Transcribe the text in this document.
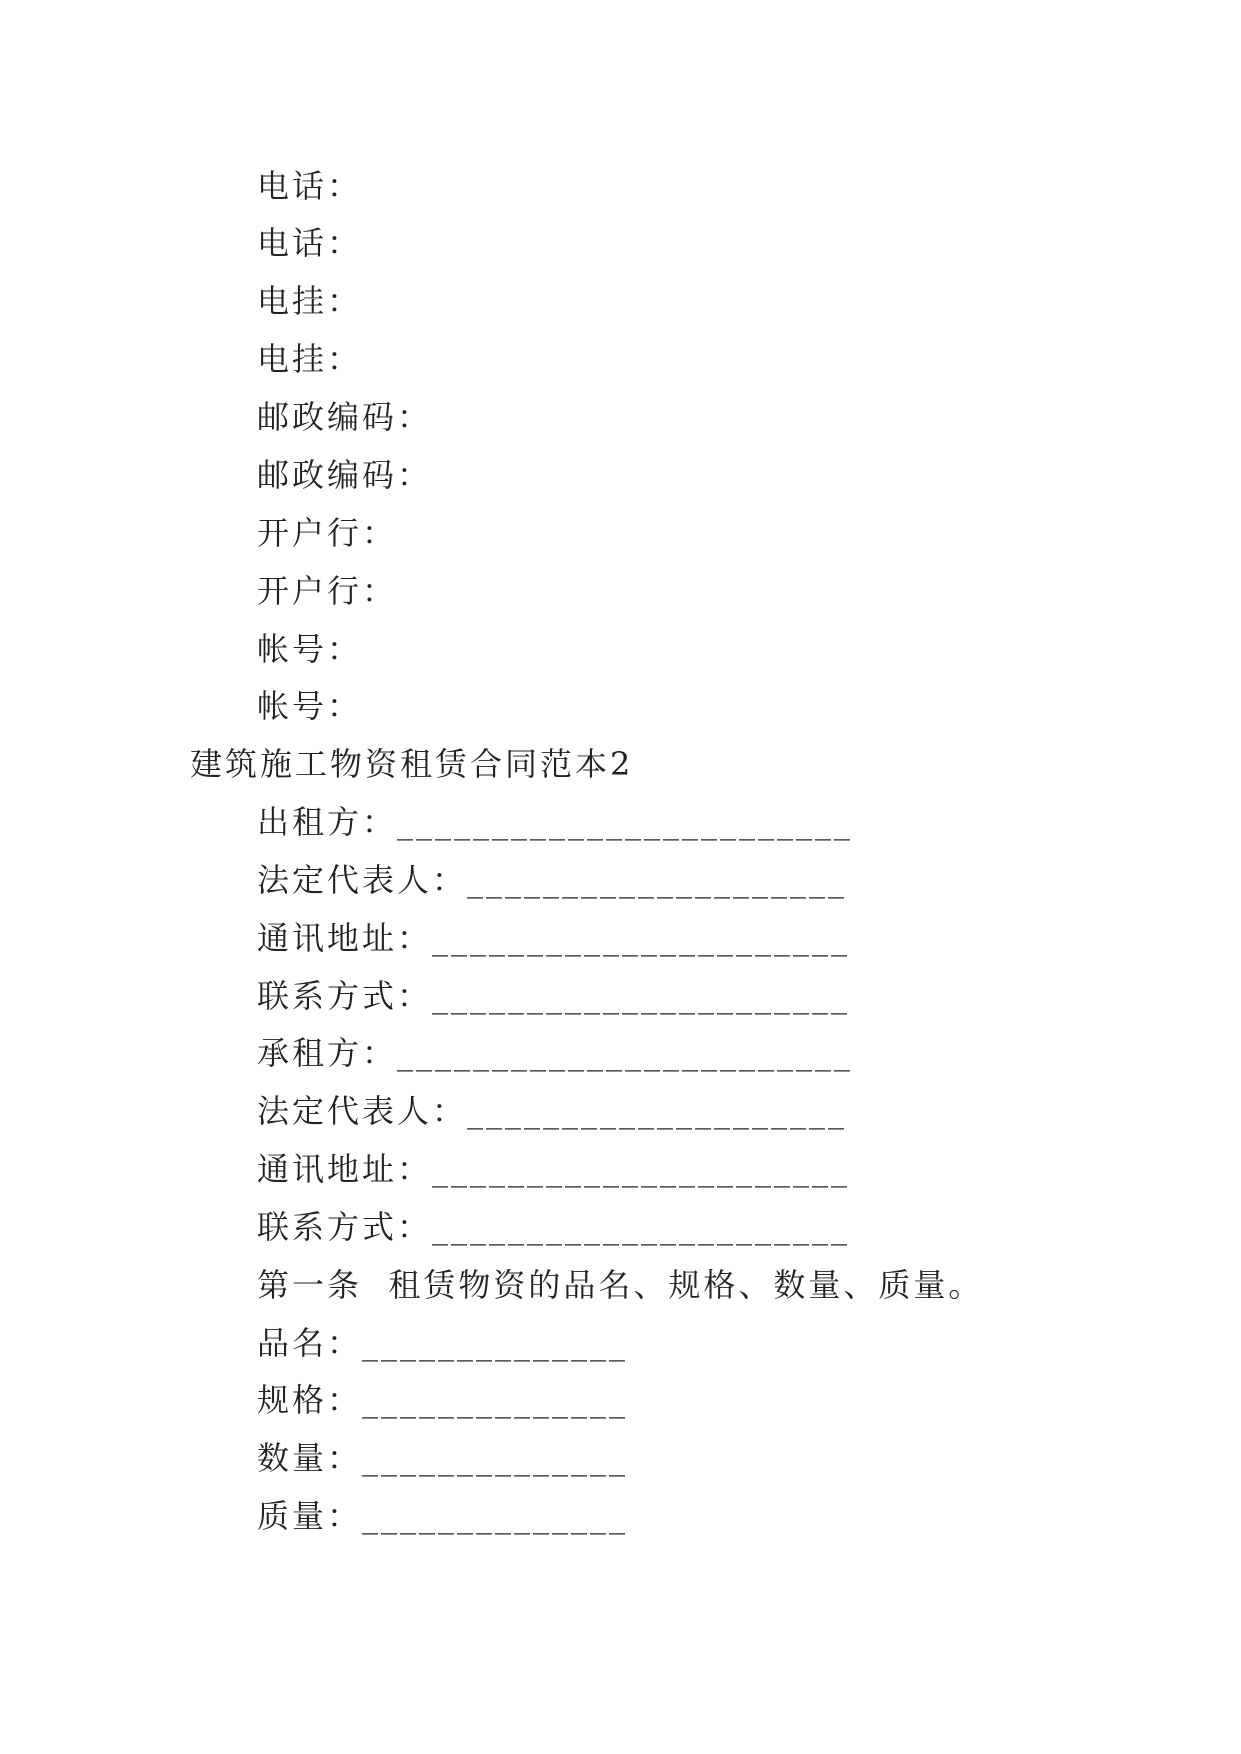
电话：
电话：
电挂：
电挂：
邮政编码：
邮政编码：
开户行：
开户行：
帐号：
帐号：
建筑施工物资租赁合同范本2
出租方：________________________
法定代表人：____________________
通讯地址：______________________
联系方式：______________________
承租方：________________________
法定代表人：____________________
通讯地址：______________________
联系方式：______________________
第一条  租赁物资的品名、规格、数量、质量。
品名：______________
规格：______________
数量：______________
质量：______________
